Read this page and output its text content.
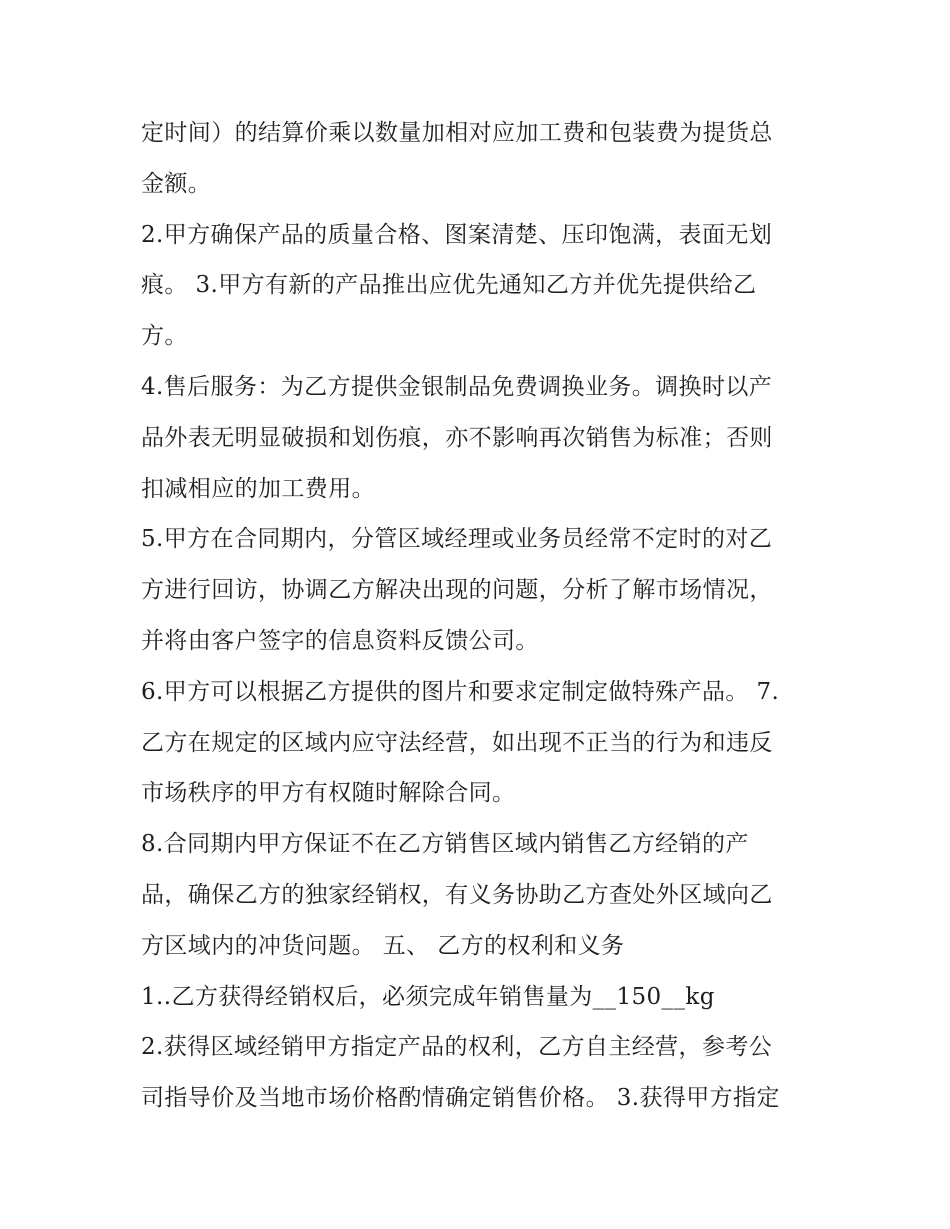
定时间）的结算价乘以数量加相对应加工费和包装费为提货总
金额。
2.甲方确保产品的质量合格、图案清楚、压印饱满，表面无划
痕。 3.甲方有新的产品推出应优先通知乙方并优先提供给乙
方。
4.售后服务：为乙方提供金银制品免费调换业务。调换时以产
品外表无明显破损和划伤痕，亦不影响再次销售为标准；否则
扣减相应的加工费用。
5.甲方在合同期内，分管区域经理或业务员经常不定时的对乙
方进行回访，协调乙方解决出现的问题，分析了解市场情况，
并将由客户签字的信息资料反馈公司。
6.甲方可以根据乙方提供的图片和要求定制定做特殊产品。 7.
乙方在规定的区域内应守法经营，如出现不正当的行为和违反
市场秩序的甲方有权随时解除合同。
8.合同期内甲方保证不在乙方销售区域内销售乙方经销的产
品，确保乙方的独家经销权，有义务协助乙方查处外区域向乙
方区域内的冲货问题。 五、 乙方的权利和义务
1..乙方获得经销权后，必须完成年销售量为__150__kg
2.获得区域经销甲方指定产品的权利，乙方自主经营，参考公
司指导价及当地市场价格酌情确定销售价格。 3.获得甲方指定
